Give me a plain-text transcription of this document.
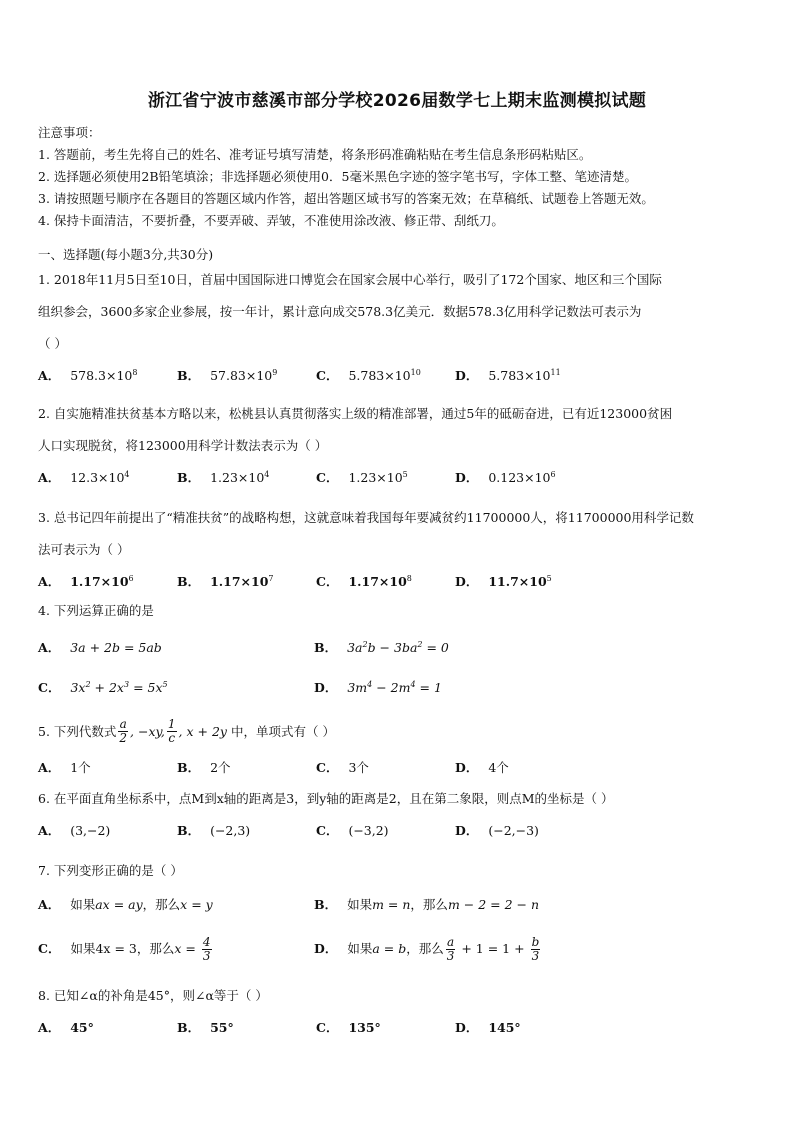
浙江省宁波市慈溪市部分学校2026届数学七上期末监测模拟试题
注意事项：
1. 答题前，考生先将自己的姓名、准考证号填写清楚，将条形码准确粘贴在考生信息条形码粘贴区。
2. 选择题必须使用2B铅笔填涂；非选择题必须使用0．5毫米黑色字迹的签字笔书写，字体工整、笔迹清楚。
3. 请按照题号顺序在各题目的答题区域内作答，超出答题区域书写的答案无效；在草稿纸、试题卷上答题无效。
4. 保持卡面清洁，不要折叠，不要弄破、弄皱，不准使用涂改液、修正带、刮纸刀。
一、选择题(每小题3分,共30分)
1. 2018年11月5日至10日，首届中国国际进口博览会在国家会展中心举行，吸引了172个国家、地区和三个国际
组织参会，3600多家企业参展，按一年计，累计意向成交578.3亿美元．数据578.3亿用科学记数法可表示为
（ ）
A． $578.3\times 10^8$	B． $57.83\times 10^9$	C． $5.783\times 10^{10}$	D． $5.783\times 10^{11}$
2. 自实施精准扶贫基本方略以来，松桃县认真贯彻落实上级的精准部署，通过5年的砥砺奋进，已有近123000贫困
人口实现脱贫，将123000用科学计数法表示为（ ）
A． $12.3\times 10^4$	B． $1.23\times 10^4$	C． $1.23\times 10^5$	D． $0.123\times 10^6$
3. 总书记四年前提出了“精准扶贫”的战略构想，这就意味着我国每年要减贫约11700000人，将11700000用科学记数
法可表示为（ ）
A． $1.17\times 10^6$	B． $1.17\times 10^7$	C． $1.17\times 10^8$	D． $11.7\times 10^5$
4. 下列运算正确的是
A． 3a + 2b = 5ab	B． $3a^2b - 3ba^2 = 0$
C． $3x^2 + 2x^3 = 5x^5$	D． $3m^4 - 2m^4 = 1$
5. 下列代数式 $\frac{a}{2}$ , −xy, $\frac{1}{c}$ , x + 2y 中，单项式有（ ）
A． 1个	B． 2个	C． 3个	D． 4个
6. 在平面直角坐标系中，点M到x轴的距离是3，到y轴的距离是2，且在第二象限，则点M的坐标是（ ）
A． (3,−2)	B． (−2,3)	C． (−3,2)	D． (−2,−3)
7. 下列变形正确的是（ ）
A． 如果ax = ay，那么x = y	B． 如果m = n，那么m − 2 = 2 − n
C． 如果4x = 3，那么$x = \frac{4}{3}$	D． 如果a = b，那么 $\frac{a}{3} + 1 = 1 + \frac{b}{3}$
8. 已知∠α的补角是45°，则∠α等于（ ）
A． 45°	B． 55°	C． 135°	D． 145°
